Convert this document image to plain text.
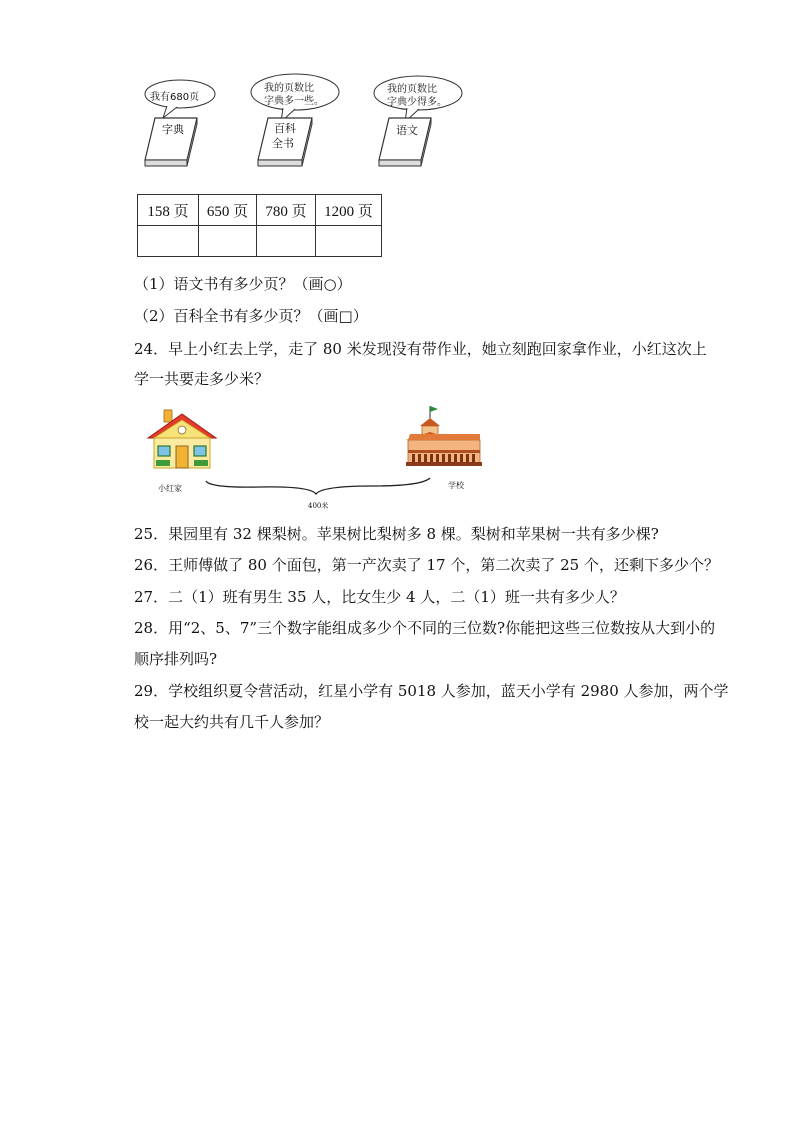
我有680页
字典
我的页数比
字典多一些。
百科
全书
我的页数比
字典少得多。
语文
158 页	650 页	780 页	1200 页

（1）语文书有多少页？（画○）
（2）百科全书有多少页？（画□）
24．早上小红去上学，走了 80 米发现没有带作业，她立刻跑回家拿作业，小红这次上
学一共要走多少米？
小红家	学校
400米
25．果园里有 32 棵梨树。苹果树比梨树多 8 棵。梨树和苹果树一共有多少棵?
26．王师傅做了 80 个面包，第一产次卖了 17 个，第二次卖了 25 个，还剩下多少个？
27．二（1）班有男生 35 人，比女生少 4 人，二（1）班一共有多少人？
28．用“2、5、7”三个数字能组成多少个不同的三位数?你能把这些三位数按从大到小的
顺序排列吗?
29．学校组织夏令营活动，红星小学有 5018 人参加，蓝天小学有 2980 人参加，两个学
校一起大约共有几千人参加？
